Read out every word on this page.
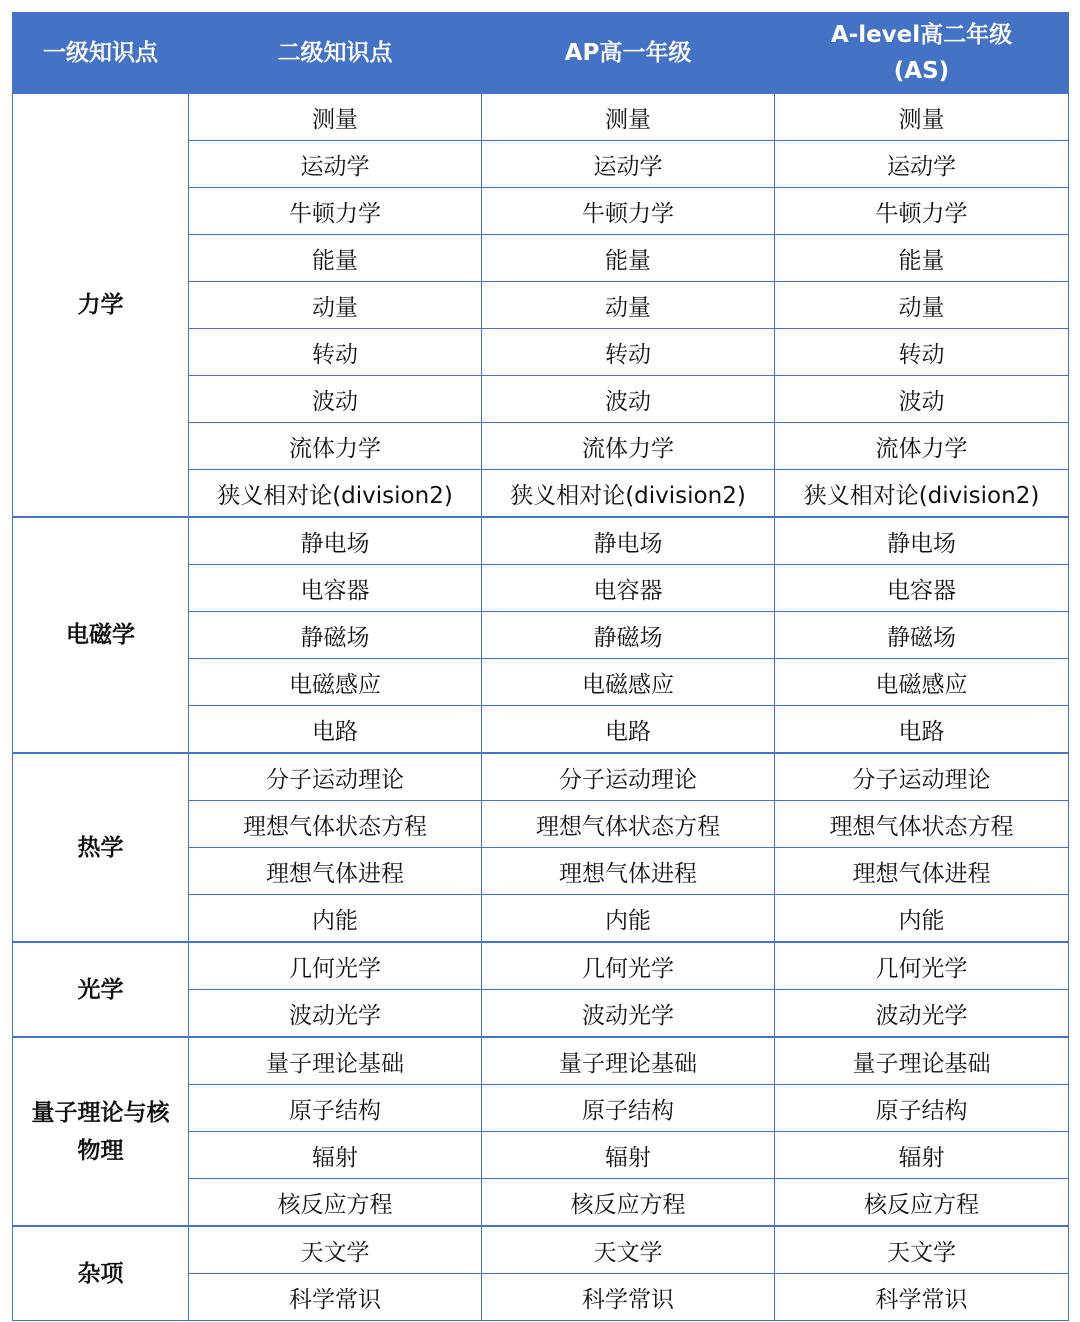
一级知识点	二级知识点	AP高一年级	A-level高二年级
(AS)
力学	测量	测量	测量
	运动学	运动学	运动学
	牛顿力学	牛顿力学	牛顿力学
	能量	能量	能量
	动量	动量	动量
	转动	转动	转动
	波动	波动	波动
	流体力学	流体力学	流体力学
	狭义相对论(division2)	狭义相对论(division2)	狭义相对论(division2)
电磁学	静电场	静电场	静电场
	电容器	电容器	电容器
	静磁场	静磁场	静磁场
	电磁感应	电磁感应	电磁感应
	电路	电路	电路
热学	分子运动理论	分子运动理论	分子运动理论
	理想气体状态方程	理想气体状态方程	理想气体状态方程
	理想气体进程	理想气体进程	理想气体进程
	内能	内能	内能
光学	几何光学	几何光学	几何光学
	波动光学	波动光学	波动光学
量子理论与核物理	量子理论基础	量子理论基础	量子理论基础
	原子结构	原子结构	原子结构
	辐射	辐射	辐射
	核反应方程	核反应方程	核反应方程
杂项	天文学	天文学	天文学
	科学常识	科学常识	科学常识
